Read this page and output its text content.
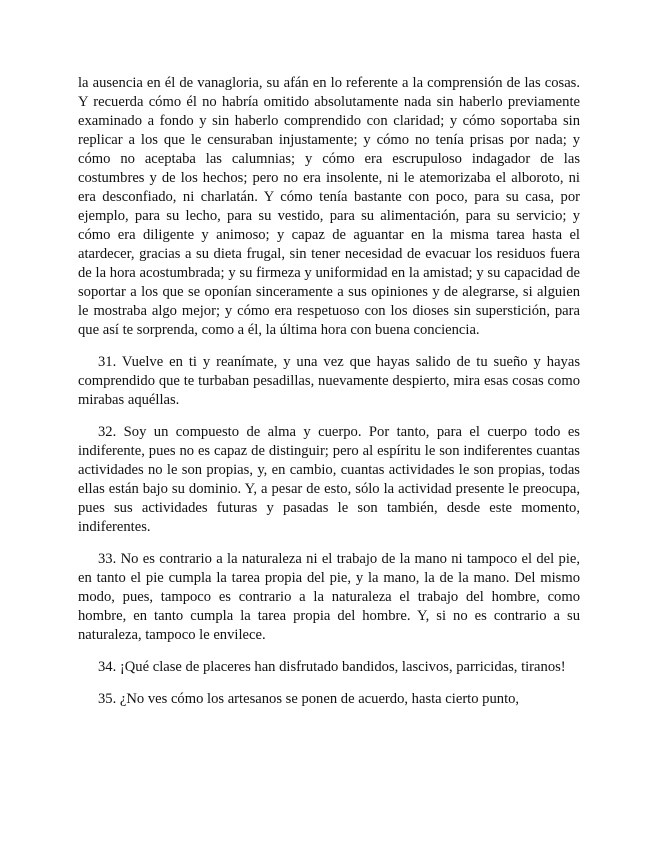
la ausencia en él de vanagloria, su afán en lo referente a la comprensión de las cosas. Y recuerda cómo él no habría omitido absolutamente nada sin haberlo previamente examinado a fondo y sin haberlo comprendido con claridad; y cómo soportaba sin replicar a los que le censuraban injustamente; y cómo no tenía prisas por nada; y cómo no aceptaba las calumnias; y cómo era escrupuloso indagador de las costumbres y de los hechos; pero no era insolente, ni le atemorizaba el alboroto, ni era desconfiado, ni charlatán. Y cómo tenía bastante con poco, para su casa, por ejemplo, para su lecho, para su vestido, para su alimentación, para su servicio; y cómo era diligente y animoso; y capaz de aguantar en la misma tarea hasta el atardecer, gracias a su dieta frugal, sin tener necesidad de evacuar los residuos fuera de la hora acostumbrada; y su firmeza y uniformidad en la amistad; y su capacidad de soportar a los que se oponían sinceramente a sus opiniones y de alegrarse, si alguien le mostraba algo mejor; y cómo era respetuoso con los dioses sin superstición, para que así te sorprenda, como a él, la última hora con buena conciencia.

31. Vuelve en ti y reanímate, y una vez que hayas salido de tu sueño y hayas comprendido que te turbaban pesadillas, nuevamente despierto, mira esas cosas como mirabas aquéllas.

32. Soy un compuesto de alma y cuerpo. Por tanto, para el cuerpo todo es indiferente, pues no es capaz de distinguir; pero al espíritu le son indiferentes cuantas actividades no le son propias, y, en cambio, cuantas actividades le son propias, todas ellas están bajo su dominio. Y, a pesar de esto, sólo la actividad presente le preocupa, pues sus actividades futuras y pasadas le son también, desde este momento, indiferentes.

33. No es contrario a la naturaleza ni el trabajo de la mano ni tampoco el del pie, en tanto el pie cumpla la tarea propia del pie, y la mano, la de la mano. Del mismo modo, pues, tampoco es contrario a la naturaleza el trabajo del hombre, como hombre, en tanto cumpla la tarea propia del hombre. Y, si no es contrario a su naturaleza, tampoco le envilece.

34. ¡Qué clase de placeres han disfrutado bandidos, lascivos, parricidas, tiranos!

35. ¿No ves cómo los artesanos se ponen de acuerdo, hasta cierto punto,
